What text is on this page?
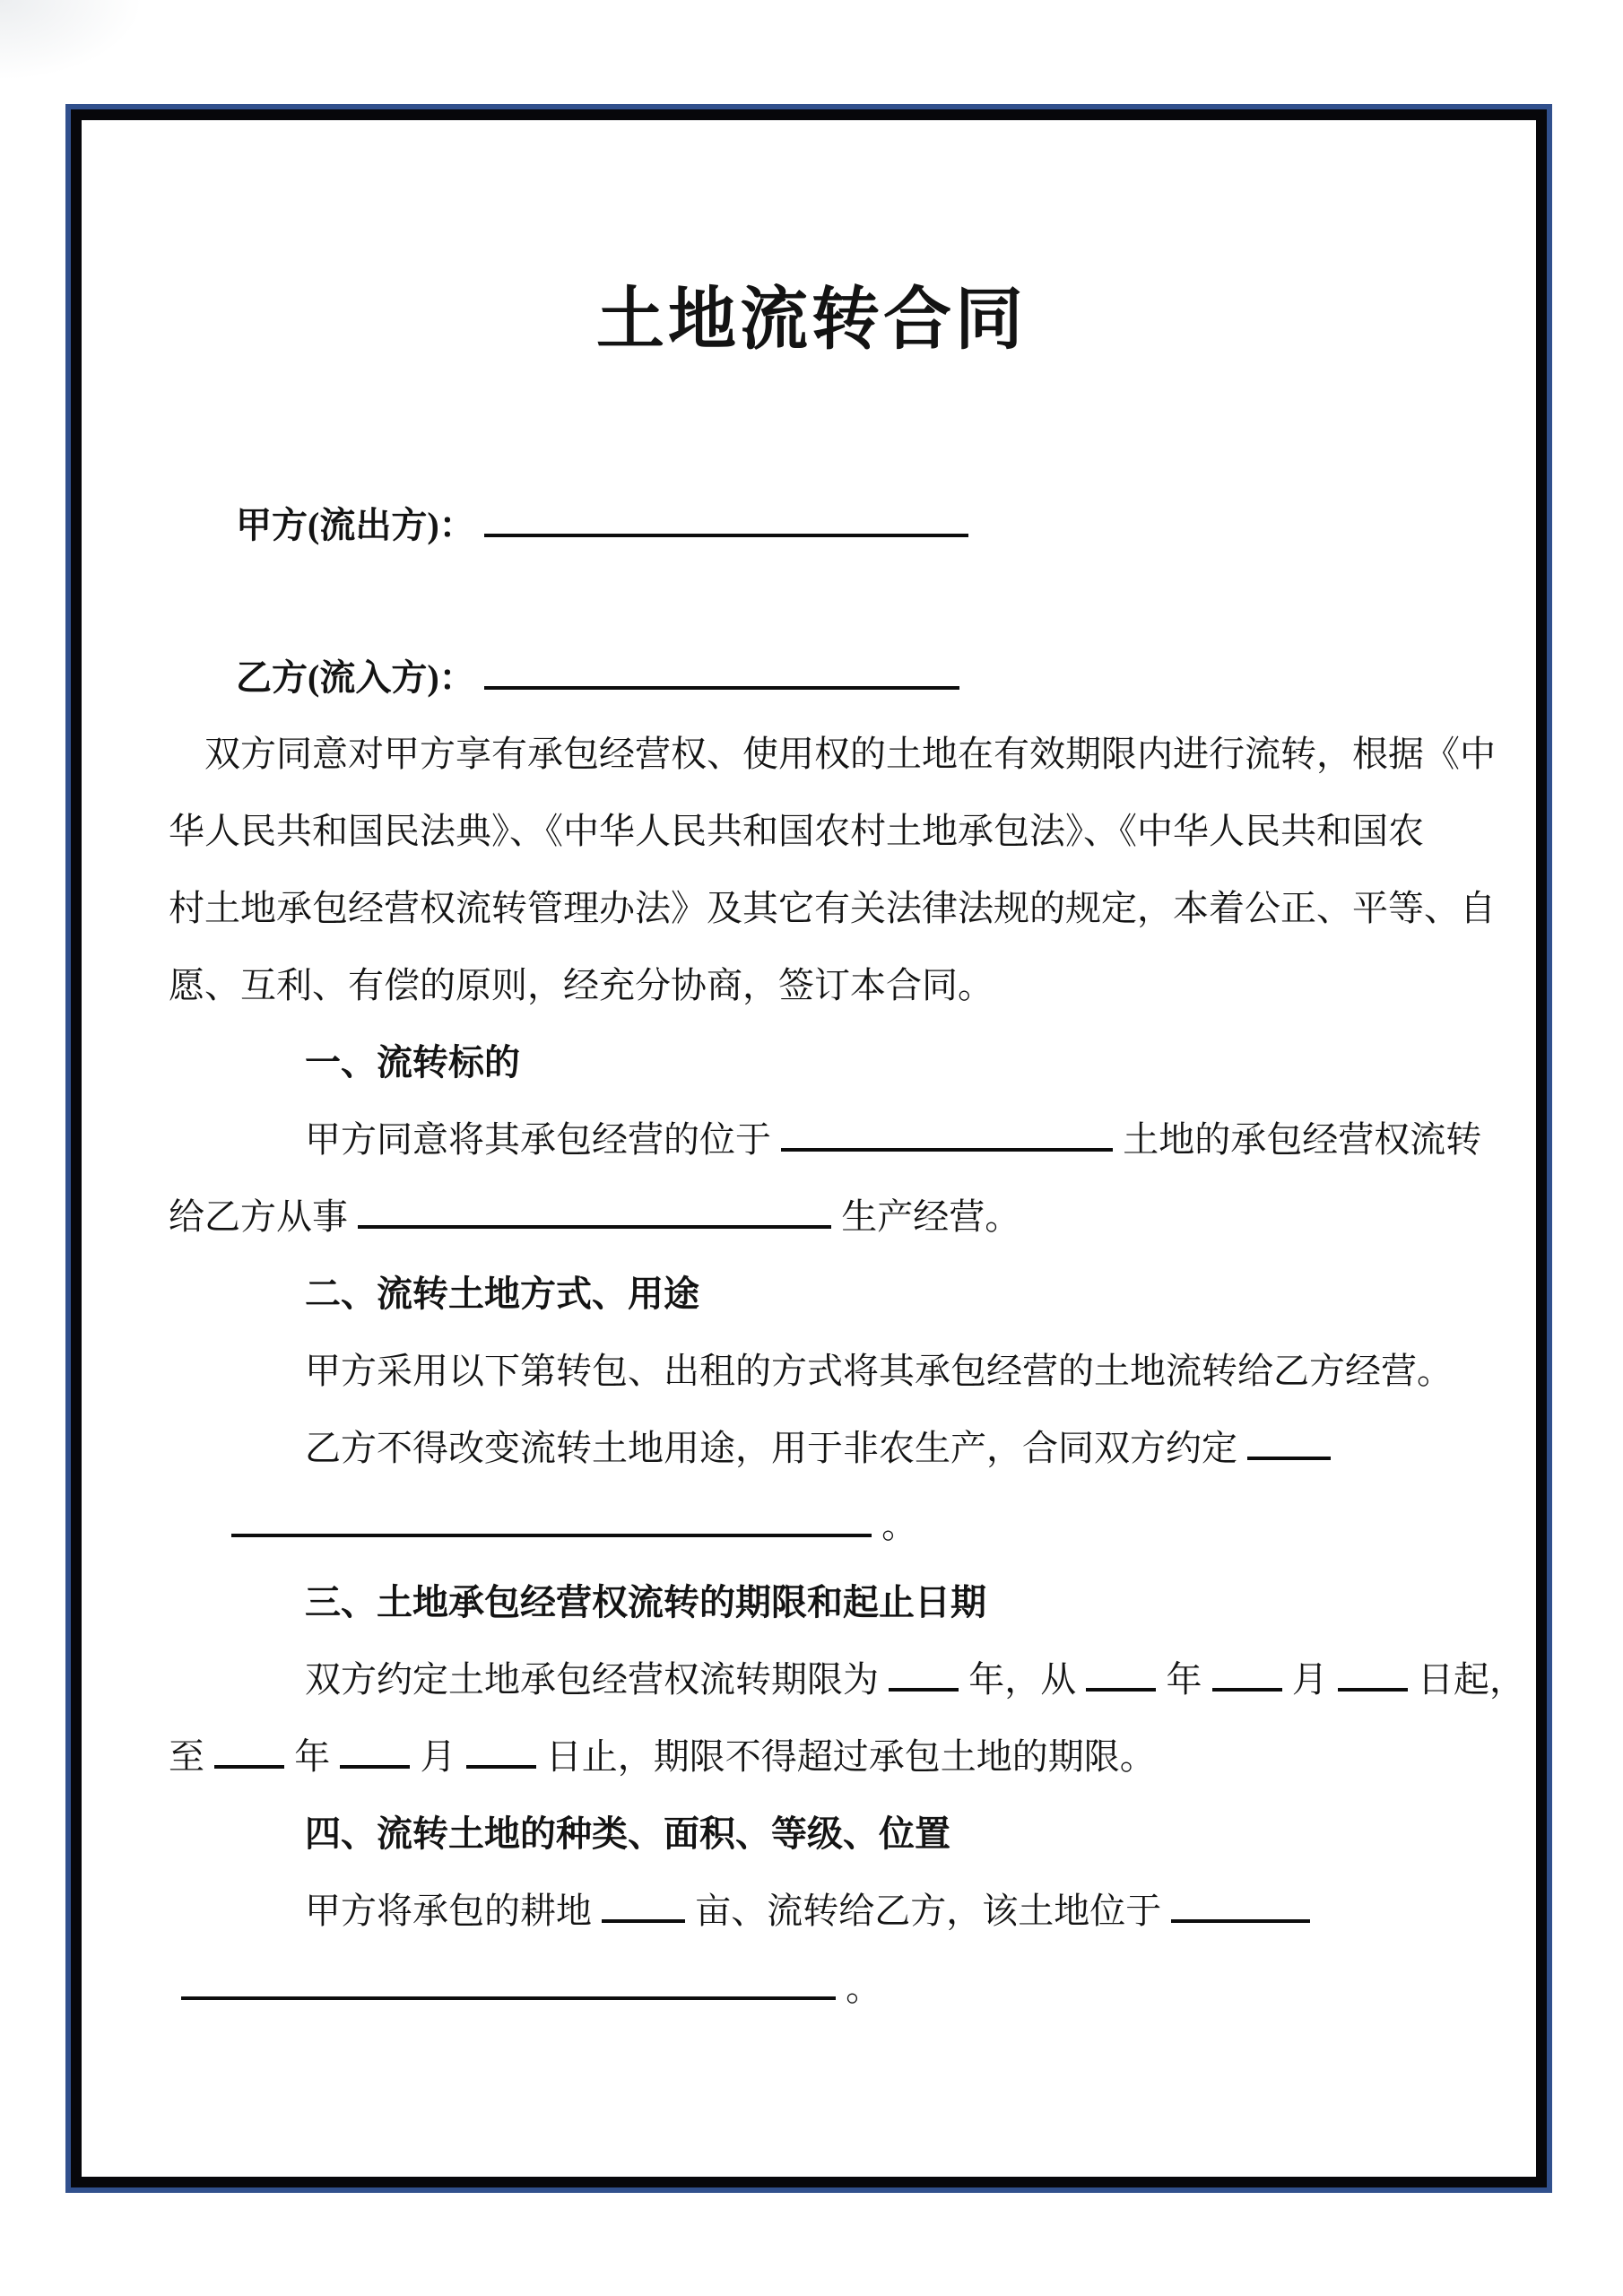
土地流转合同
甲方(流出方)：
乙方(流入方)：
双方同意对甲方享有承包经营权、使用权的土地在有效期限内进行流转，根据《中
华人民共和国民法典》、《中华人民共和国农村土地承包法》、《中华人民共和国农
村土地承包经营权流转管理办法》及其它有关法律法规的规定，本着公正、平等、自
愿、互利、有偿的原则，经充分协商，签订本合同。
一、流转标的
甲方同意将其承包经营的位于	土地的承包经营权流转
给乙方从事	生产经营。
二、流转土地方式、用途
甲方采用以下第转包、出租的方式将其承包经营的土地流转给乙方经营。
乙方不得改变流转土地用途，用于非农生产，合同双方约定
。
三、土地承包经营权流转的期限和起止日期
双方约定土地承包经营权流转期限为	年，从	年	月	日起，
至	年	月	日止，期限不得超过承包土地的期限。
四、流转土地的种类、面积、等级、位置
甲方将承包的耕地	亩、流转给乙方，该土地位于
。
